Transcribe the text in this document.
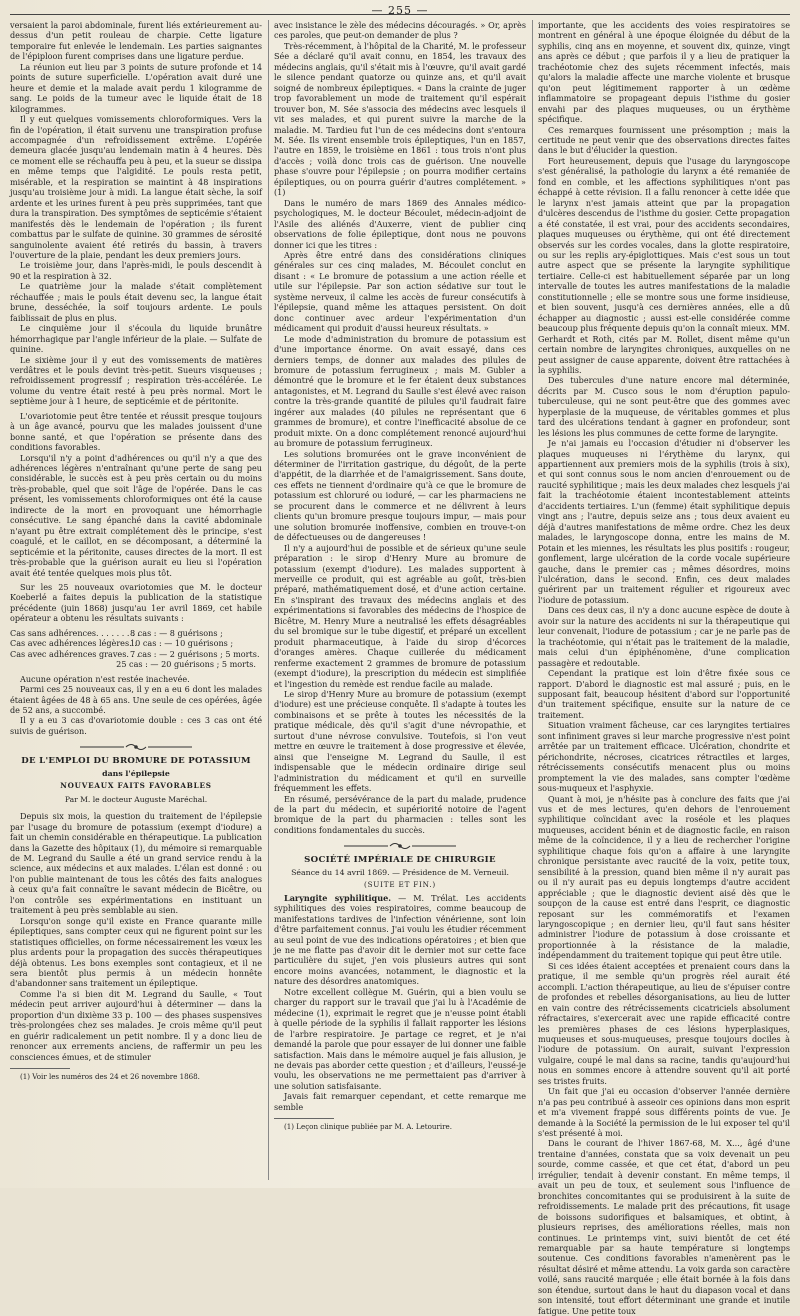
— 255 —

versaient la paroi abdominale, furent liés extérieurement au-dessus d'un petit rouleau de charpie. Cette ligature temporaire fut enlevée le lendemain. Les parties saignantes de l'épiploon furent comprises dans une ligature perdue.

La réunion eut lieu par 3 points de suture profonde et 14 points de suture superficielle. L'opération avait duré une heure et demie et la malade avait perdu 1 kilogramme de sang. Le poids de la tumeur avec le liquide était de 18 kilogrammes.

Il y eut quelques vomissements chloroformiques. Vers la fin de l'opération, il était survenu une transpiration profuse accompagnée d'un refroidissement extrême. L'opérée demeura glacée jusqu'au lendemain matin à 4 heures. Dès ce moment elle se réchauffa peu à peu, et la sueur se dissipa en même temps que l'algidité. Le pouls resta petit, misérable, et la respiration se maintint à 48 inspirations jusqu'au troisième jour à midi. La langue était sèche, la soif ardente et les urines furent à peu près supprimées, tant que dura la transpiration. Des symptômes de septicémie s'étaient manifestés dès le lendemain de l'opération ; ils furent combattus par le sulfate de quinine. 30 grammes de sérosité sanguinolente avaient été retirés du bassin, à travers l'ouverture de la plaie, pendant les deux premiers jours.

Le troisième jour, dans l'après-midi, le pouls descendit à 90 et la respiration à 32.

Le quatrième jour la malade s'était complètement réchauffée ; mais le pouls était devenu sec, la langue était brune, desséchée, la soif toujours ardente. Le pouls faiblissait de plus en plus.

Le cinquième jour il s'écoula du liquide brunâtre hémorrhagique par l'angle inférieur de la plaie. — Sulfate de quinine.

Le sixième jour il y eut des vomissements de matières verdâtres et le pouls devint très-petit. Sueurs visqueuses ; refroidissement progressif ; respiration très-accélérée. Le volume du ventre était resté à peu près normal. Mort le septième jour à 1 heure, de septicémie et de péritonite.

L'ovariotomie peut être tentée et réussit presque toujours à un âge avancé, pourvu que les malades jouissent d'une bonne santé, et que l'opération se présente dans des conditions favorables.

Lorsqu'il n'y a point d'adhérences ou qu'il n'y a que des adhérences légères n'entraînant qu'une perte de sang peu considérable, le succès est à peu près certain ou du moins très-probable, quel que soit l'âge de l'opérée. Dans le cas présent, les vomissements chloroformiques ont été la cause indirecte de la mort en provoquant une hémorrhagie consécutive. Le sang épanché dans la cavité abdominale n'ayant pu être extrait complétement dès le principe, s'est coagulé, et le caillot, en se décomposant, a déterminé la septicémie et la péritonite, causes directes de la mort. Il est très-probable que la guérison aurait eu lieu si l'opération avait été tentée quelques mois plus tôt.

Sur les 25 nouveaux ovariotomies que M. le docteur Koeberlé a faites depuis la publication de la statistique précédente (juin 1868) jusqu'au 1er avril 1869, cet habile opérateur a obtenu les résultats suivants :

Cas sans adhérences. . . . . . . . .
8 cas : — 8 guérisons ;
Cas avec adhérences légères. .
10 cas : — 10 guérisons ;
Cas avec adhérences graves. . .
7 cas : — 2 guérisons ; 5 morts.
25 cas : — 20 guérisons ; 5 morts.

Aucune opération n'est restée inachevée.

Parmi ces 25 nouveaux cas, il y en a eu 6 dont les malades étaient âgées de 48 à 65 ans. Une seule de ces opérées, âgée de 52 ans, a succombé.

Il y a eu 3 cas d'ovariotomie double : ces 3 cas ont été suivis de guérison.

DE L'EMPLOI DU BROMURE DE POTASSIUM
dans l'épilepsie
NOUVEAUX FAITS FAVORABLES
Par M. le docteur Auguste Maréchal.

Depuis six mois, la question du traitement de l'épilepsie par l'usage du bromure de potassium (exempt d'iodure) a fait un chemin considérable en thérapeutique. La publication dans la Gazette des hôpitaux (1), du mémoire si remarquable de M. Legrand du Saulle a été un grand service rendu à la science, aux médecins et aux malades. L'élan est donné : ou l'on publie maintenant de tous les côtés des faits analogues à ceux qu'a fait connaître le savant médecin de Bicêtre, ou l'on contrôle ses expérimentations en instituant un traitement à peu près semblable au sien.

Lorsqu'on songe qu'il existe en France quarante mille épileptiques, sans compter ceux qui ne figurent point sur les statistiques officielles, on forme nécessairement les vœux les plus ardents pour la propagation des succès thérapeutiques déjà obtenus. Les bons exemples sont contagieux, et il ne sera bientôt plus permis à un médecin honnête d'abandonner sans traitement un épileptique.

Comme l'a si bien dit M. Legrand du Saulle, « Tout médecin peut arriver aujourd'hui à déterminer — dans la proportion d'un dixième 33 p. 100 — des phases suspensives très-prolongées chez ses malades. Je crois même qu'il peut en guérir radicalement un petit nombre. Il y a donc lieu de renoncer aux errements anciens, de raffermir un peu les consciences émues, et de stimuler

(1) Voir les numéros des 24 et 26 novembre 1868.

avec insistance le zèle des médecins découragés. » Or, après ces paroles, que peut-on demander de plus ?

Très-récemment, à l'hôpital de la Charité, M. le professeur Sée a déclaré qu'il avait connu, en 1854, les travaux des médecins anglais, qu'il s'était mis à l'œuvre, qu'il avait gardé le silence pendant quatorze ou quinze ans, et qu'il avait soigné de nombreux épileptiques. « Dans la crainte de juger trop favorablement un mode de traitement qu'il espérait trouver bon, M. Sée s'associa des médecins avec lesquels il vit ses malades, et qui purent suivre la marche de la maladie. M. Tardieu fut l'un de ces médecins dont s'entoura M. Sée. Ils virent ensemble trois épileptiques, l'un en 1857, l'autre en 1859, le troisième en 1861 : tous trois n'ont plus d'accès ; voilà donc trois cas de guérison. Une nouvelle phase s'ouvre pour l'épilepsie ; on pourra modifier certains épileptiques, ou on pourra guérir d'autres complétement. » (1)

Dans le numéro de mars 1869 des Annales médico-psychologiques, M. le docteur Bécoulet, médecin-adjoint de l'Asile des aliénés d'Auxerre, vient de publier cinq observations de folie épileptique, dont nous ne pouvons donner ici que les titres :

Après être entré dans des considérations cliniques générales sur ces cinq malades, M. Bécoulet conclut en disant : « Le bromure de potassium a une action réelle et utile sur l'épilepsie. Par son action sédative sur tout le système nerveux, il calme les accès de fureur consécutifs à l'épilepsie, quand même les attaques persistent. On doit donc continuer avec ardeur l'expérimentation d'un médicament qui produit d'aussi heureux résultats. »

Le mode d'administration du bromure de potassium est d'une importance énorme. On avait essayé, dans ces derniers temps, de donner aux malades des pilules de bromure de potassium ferrugineux ; mais M. Gubler a démontré que le bromure et le fer étaient deux substances antagonistes, et M. Legrand du Saulle s'est élevé avec raison contre la très-grande quantité de pilules qu'il faudrait faire ingérer aux malades (40 pilules ne représentant que 6 grammes de bromure), et contre l'inefficacité absolue de ce produit mixte. On a donc complétement renoncé aujourd'hui au bromure de potassium ferrugineux.

Les solutions bromurées ont le grave inconvénient de déterminer de l'irritation gastrique, du dégoût, de la perte d'appétit, de la diarrhée et de l'amaigrissement. Sans doute, ces effets ne tiennent d'ordinaire qu'à ce que le bromure de potassium est chloruré ou ioduré, — car les pharmaciens ne se procurent dans le commerce et ne délivrent à leurs clients qu'un bromure presque toujours impur, — mais pour une solution bromurée inoffensive, combien en trouve-t-on de défectueuses ou de dangereuses !

Il n'y a aujourd'hui de possible et de sérieux qu'une seule préparation : le sirop d'Henry Mure au bromure de potassium (exempt d'iodure). Les malades supportent à merveille ce produit, qui est agréable au goût, très-bien préparé, mathématiquement dosé, et d'une action certaine. En s'inspirant des travaux des médecins anglais et des expérimentations si favorables des médecins de l'hospice de Bicêtre, M. Henry Mure a neutralisé les effets désagréables du sel bromique sur le tube digestif, et préparé un excellent produit pharmaceutique, à l'aide du sirop d'écorces d'oranges amères. Chaque cuillerée du médicament renferme exactement 2 grammes de bromure de potassium (exempt d'iodure), la prescription du médecin est simplifiée et l'ingestion du remède est rendue facile au malade.

Le sirop d'Henry Mure au bromure de potassium (exempt d'iodure) est une précieuse conquête. Il s'adapte à toutes les combinaisons et se prête à toutes les nécessités de la pratique médicale, dès qu'il s'agit d'une névropathie, et surtout d'une névrose convulsive. Toutefois, si l'on veut mettre en œuvre le traitement à dose progressive et élevée, ainsi que l'enseigne M. Legrand du Saulle, il est indispensable que le médecin ordinaire dirige seul l'administration du médicament et qu'il en surveille fréquemment les effets.

En résumé, persévérance de la part du malade, prudence de la part du médecin, et supériorité notoire de l'agent bromique de la part du pharmacien : telles sont les conditions fondamentales du succès.

SOCIÉTÉ IMPÉRIALE DE CHIRURGIE
Séance du 14 avril 1869. — Présidence de M. Verneuil.
(SUITE ET FIN.)

Laryngite syphilitique. — M. Trélat. Les accidents syphilitiques des voies respiratoires, comme beaucoup de manifestations tardives de l'infection vénérienne, sont loin d'être parfaitement connus. J'ai voulu les étudier récemment au seul point de vue des indications opératoires ; et bien que je ne me flatte pas d'avoir dit le dernier mot sur cette face particulière du sujet, j'en vois plusieurs autres qui sont encore moins avancées, notamment, le diagnostic et la nature des désordres anatomiques.

Notre excellent collègue M. Guérin, qui a bien voulu se charger du rapport sur le travail que j'ai lu à l'Académie de médecine (1), exprimait le regret que je n'eusse point établi à quelle période de la syphilis il fallait rapporter les lésions de l'arbre respiratoire. Je partage ce regret, et je n'ai demandé la parole que pour essayer de lui donner une faible satisfaction. Mais dans le mémoire auquel je fais allusion, je ne devais pas aborder cette question ; et d'ailleurs, l'eussé-je voulu, les observations ne me permettaient pas d'arriver à une solution satisfaisante.

Javais fait remarquer cependant, et cette remarque me semble

(1) Leçon clinique publiée par M. A. Letourire.

importante, que les accidents des voies respiratoires se montrent en général à une époque éloignée du début de la syphilis, cinq ans en moyenne, et souvent dix, quinze, vingt ans après ce début ; que parfois il y a lieu de pratiquer la trachéotomie chez des sujets récemment infectés, mais qu'alors la maladie affecte une marche violente et brusque qu'on peut légitimement rapporter à un œdème inflammatoire se propageant depuis l'isthme du gosier envahi par des plaques muqueuses, ou un érythème spécifique.

Ces remarques fournissent une présomption ; mais la certitude ne peut venir que des observations directes faites dans le but d'élucider la question.

Fort heureusement, depuis que l'usage du laryngoscope s'est généralisé, la pathologie du larynx a été remaniée de fond en comble, et les affections syphilitiques n'ont pas échappé à cette révision. Il a fallu renoncer à cette idée que le larynx n'est jamais atteint que par la propagation d'ulcères descendus de l'isthme du gosier. Cette propagation a été constatée, il est vrai, pour des accidents secondaires, plaques muqueuses ou érythème, qui ont été directement observés sur les cordes vocales, dans la glotte respiratoire, ou sur les replis ary-épiglottiques. Mais c'est sous un tout autre aspect que se présente la laryngite syphilitique tertiaire. Celle-ci est habituellement séparée par un long intervalle de toutes les autres manifestations de la maladie constitutionnelle ; elle se montre sous une forme insidieuse, et bien souvent, jusqu'à ces dernières années, elle a dû échapper au diagnostic ; aussi est-elle considérée comme beaucoup plus fréquente depuis qu'on la connaît mieux. MM. Gerhardt et Roth, cités par M. Rollet, disent même qu'un certain nombre de laryngites chroniques, auxquelles on ne peut assigner de cause apparente, doivent être rattachées à la syphilis.

Des tubercules d'une nature encore mal déterminée, décrits par M. Cusco sous le nom d'éruption papulo-tuberculeuse, qui ne sont peut-être que des gommes avec hyperplasie de la muqueuse, de véritables gommes et plus tard des ulcérations tendant à gagner en profondeur, sont les lésions les plus communes de cette forme de laryngite.

Je n'ai jamais eu l'occasion d'étudier ni d'observer les plaques muqueuses ni l'érythème du larynx, qui appartiennent aux premiers mois de la syphilis (trois à six), et qui sont connus sous le nom ancien d'enrouement ou de raucité syphilitique ; mais les deux malades chez lesquels j'ai fait la trachéotomie étaient incontestablement atteints d'accidents tertiaires. L'un (femme) était syphilitique depuis vingt ans ; l'autre, depuis seize ans ; tous deux avaient eu déjà d'autres manifestations de même ordre. Chez les deux malades, le laryngoscope donna, entre les mains de M. Potain et les miennes, les résultats les plus positifs : rougeur, gonflement, large ulcération de la corde vocale supérieure gauche, dans le premier cas ; mêmes désordres, moins l'ulcération, dans le second. Enfin, ces deux malades guérirent par un traitement régulier et rigoureux avec l'iodure de potassium.

Dans ces deux cas, il n'y a donc aucune espèce de doute à avoir sur la nature des accidents ni sur la thérapeutique qui leur convenait, l'iodure de potassium ; car je ne parle pas de la trachéotomie, qui n'était pas le traitement de la maladie, mais celui d'un épiphénomène, d'une complication passagère et redoutable.

Cependant la pratique est loin d'être fixée sous ce rapport. D'abord le diagnostic est mal assuré ; puis, en le supposant fait, beaucoup hésitent d'abord sur l'opportunité d'un traitement spécifique, ensuite sur la nature de ce traitement.

Situation vraiment fâcheuse, car ces laryngites tertiaires sont infiniment graves si leur marche progressive n'est point arrêtée par un traitement efficace. Ulcération, chondrite et périchondrite, nécroses, cicatrices rétractiles et larges, rétrécissements consécutifs menacent plus ou moins promptement la vie des malades, sans compter l'œdème sous-muqueux et l'asphyxie.

Quant à moi, je n'hésite pas à conclure des faits que j'ai vus et de mes lectures, qu'en dehors de l'enrouement syphilitique coïncidant avec la roséole et les plaques muqueuses, accident bénin et de diagnostic facile, en raison même de la coïncidence, il y a lieu de rechercher l'origine syphilitique chaque fois qu'on a affaire à une laryngite chronique persistante avec raucité de la voix, petite toux, sensibilité à la pression, quand bien même il n'y aurait pas ou il n'y aurait pas eu depuis longtemps d'autre accident appréciable ; que le diagnostic devient aisé dès que le soupçon de la cause est entré dans l'esprit, ce diagnostic reposant sur les commémoratifs et l'examen laryngoscopique ; en dernier lieu, qu'il faut sans hésiter administrer l'iodure de potassium à dose croissante et proportionnée à la résistance de la maladie, indépendamment du traitement topique qui peut être utile.

Si ces idées étaient acceptées et prenaient cours dans la pratique, il me semble qu'un progrès réel aurait été accompli. L'action thérapeutique, au lieu de s'épuiser contre de profondes et rebelles désorganisations, au lieu de lutter en vain contre des rétrécissements cicatriciels absolument réfractaires, s'exercerait avec une rapide efficacité contre les premières phases de ces lésions hyperplasiques, muqueuses et sous-muqueuses, presque toujours dociles à l'iodure de potassium. On aurait, suivant l'expression vulgaire, coupé le mal dans sa racine, tandis qu'aujourd'hui nous en sommes encore à attendre souvent qu'il ait porté ses tristes fruits.

Un fait que j'ai eu occasion d'observer l'année dernière n'a pas peu contribué à asseoir ces opinions dans mon esprit et m'a vivement frappé sous différents points de vue. Je demande à la Société la permission de le lui exposer tel qu'il s'est présenté à moi.

Dans le courant de l'hiver 1867-68, M. X..., âgé d'une trentaine d'années, constata que sa voix devenait un peu sourde, comme cassée, et que cet état, d'abord un peu irrégulier, tendait à devenir constant. En même temps, il avait un peu de toux, et seulement sous l'influence de bronchites concomitantes qui se produisirent à la suite de refroidissements. Le malade prit des précautions, fit usage de boissons sudorifiques et balsamiques, et obtint, à plusieurs reprises, des améliorations réelles, mais non continues. Le printemps vint, suivi bientôt de cet été remarquable par sa haute température si longtemps soutenue. Ces conditions favorables n'amenèrent pas le résultat désiré et même attendu. La voix garda son caractère voilé, sans raucité marquée ; elle était bornée à la fois dans son étendue, surtout dans le haut du diapason vocal et dans son intensité, tout effort déterminant une grande et inutile fatigue. Une petite toux
